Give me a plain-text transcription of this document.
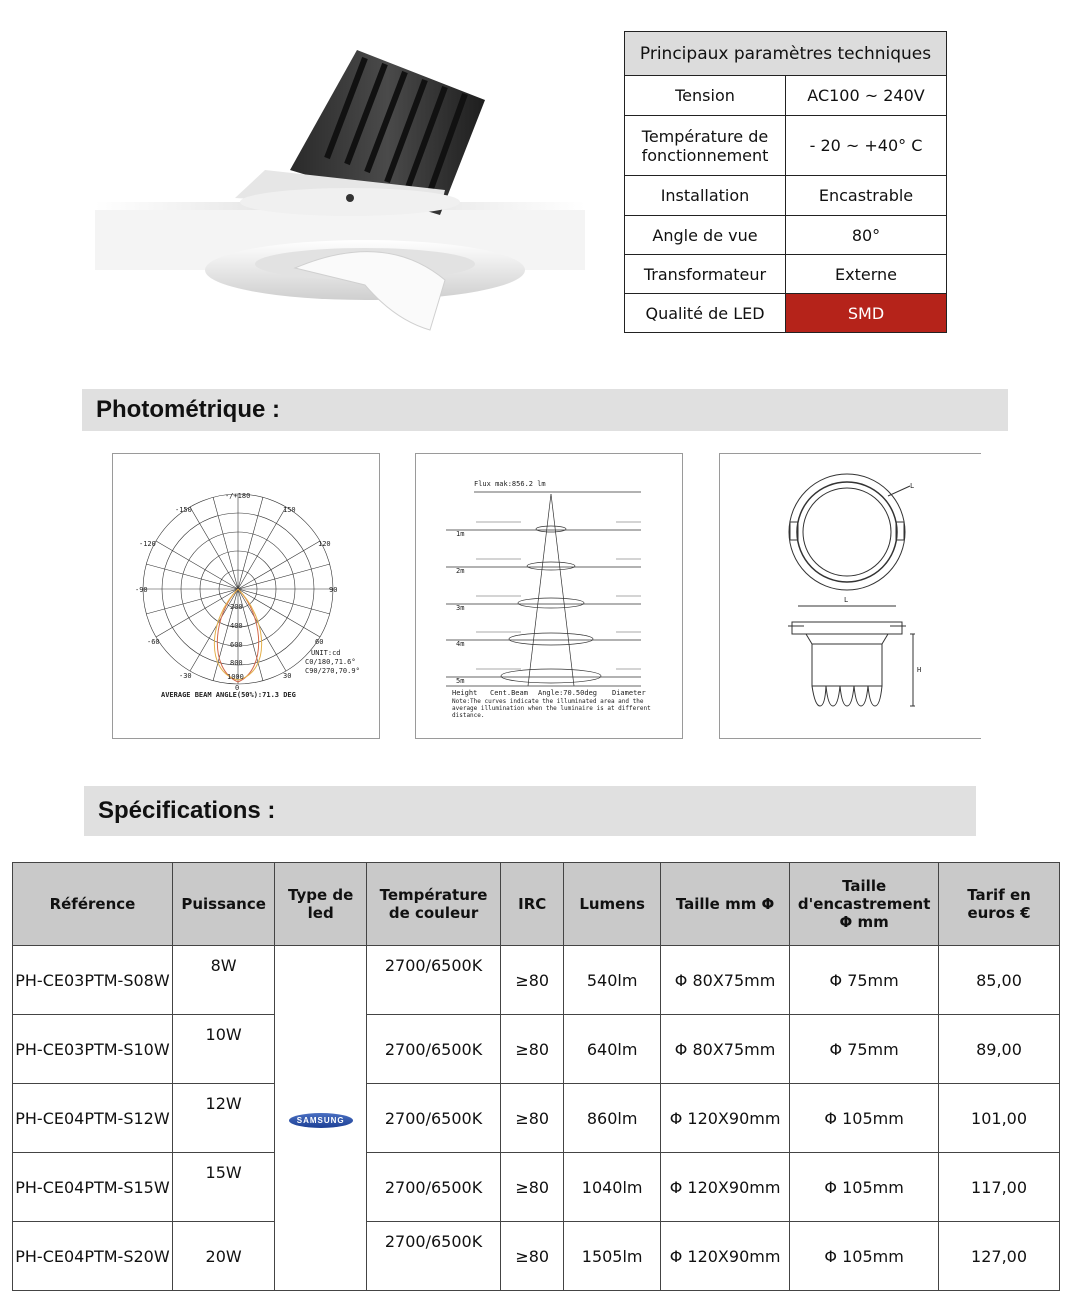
Principaux paramètres techniques	
Tension	AC100 ~ 240V
Température de fonctionnement	- 20 ~ +40° C
Installation	Encastrable
Angle de vue	80°
Transformateur	Externe
Qualité de LED	SMD
Photométrique :
-/+180
-150	150
-120	120
-90	90
-60	60
-30	30
0
200
400
600
800
1000
UNIT:cd
C0/180,71.6°
C90/270,70.9°
AVERAGE BEAM ANGLE(50%):71.3 DEG
Flux mak:856.2 lm
1m
2m
3m
4m
5m
Height Cent.Beam Angle:70.50deg Diameter
Note:The curves indicate the illuminated area and the average illumination when the luminaire is at different distance.
L
L
H
Spécifications :
Référence	Puissance	Type de led	Température de couleur	IRC	Lumens	Taille mm Φ	Taille d'encastrement Φ mm	Tarif en euros €
PH-CE03PTM-S08W	8W	SAMSUNG	2700/6500K	≥80	540lm	Φ 80X75mm	Φ 75mm	85,00
PH-CE03PTM-S10W	10W		2700/6500K	≥80	640lm	Φ 80X75mm	Φ 75mm	89,00
PH-CE04PTM-S12W	12W		2700/6500K	≥80	860lm	Φ 120X90mm	Φ 105mm	101,00
PH-CE04PTM-S15W	15W		2700/6500K	≥80	1040lm	Φ 120X90mm	Φ 105mm	117,00
PH-CE04PTM-S20W	20W		2700/6500K	≥80	1505lm	Φ 120X90mm	Φ 105mm	127,00
